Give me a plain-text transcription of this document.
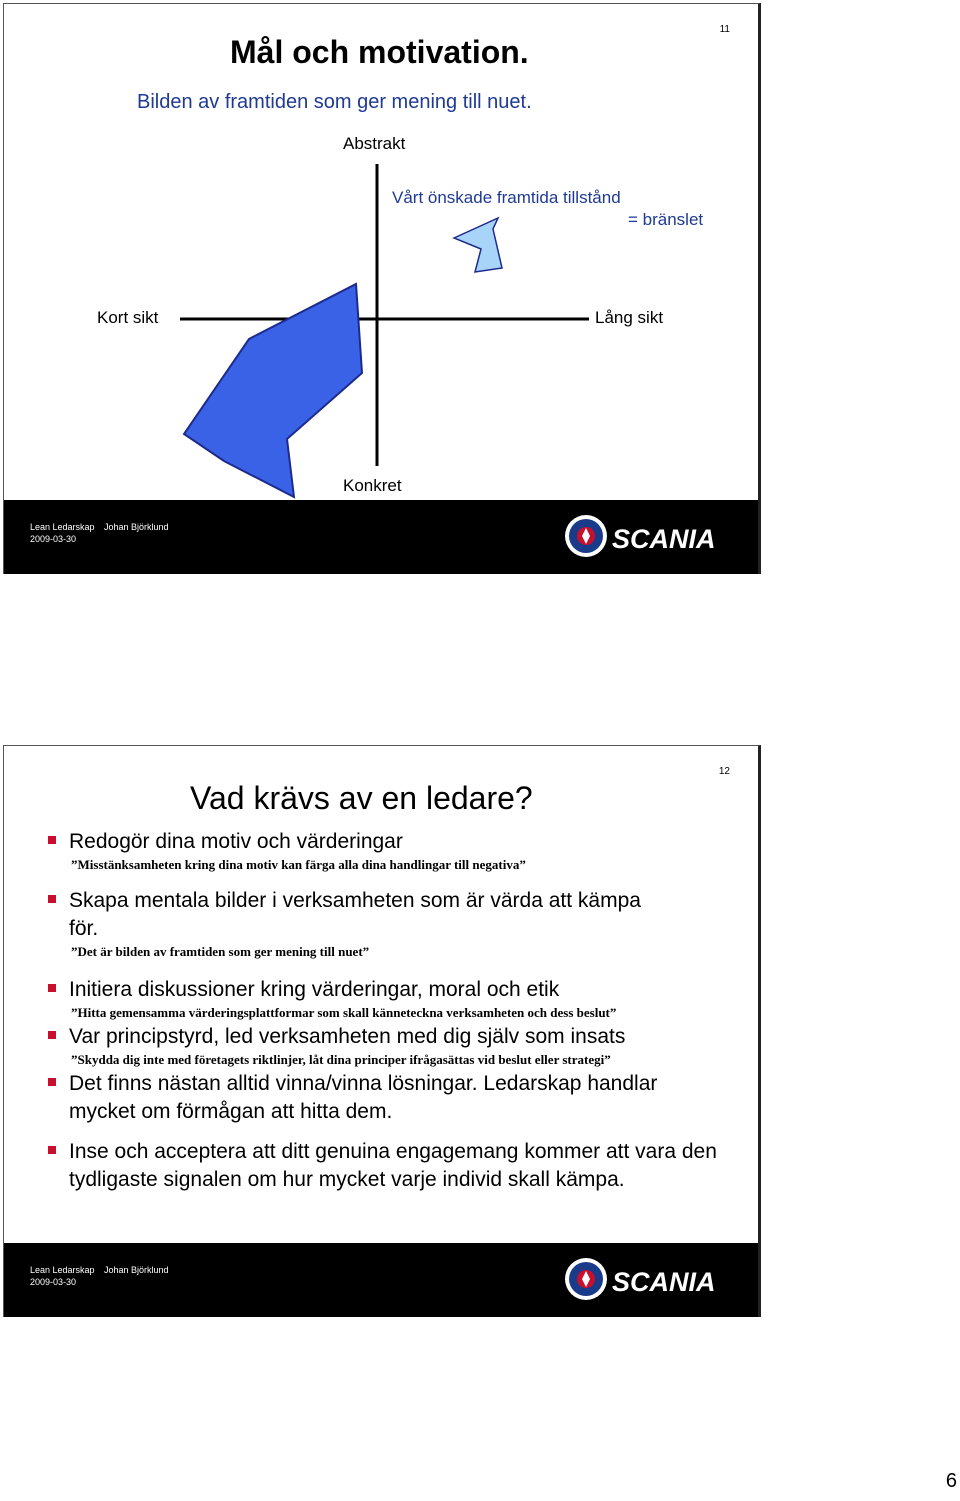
11
Mål och motivation.
Bilden av framtiden som ger mening till nuet.
Abstrakt
Konkret
Kort sikt	Lång sikt
Vårt önskade framtida tillstånd
= bränslet
Lean Ledarskap Johan Björklund
2009-03-30	SCANIA
12
Vad krävs av en ledare?
Redogör dina motiv och värderingar
”Misstänksamheten kring dina motiv kan färga alla dina handlingar till negativa”
Skapa mentala bilder i verksamheten som är värda att kämpa för.
”Det är bilden av framtiden som ger mening till nuet”
Initiera diskussioner kring värderingar, moral och etik
”Hitta gemensamma värderingsplattformar som skall känneteckna verksamheten och dess beslut”
Var principstyrd, led verksamheten med dig själv som insats
”Skydda dig inte med företagets riktlinjer, låt dina principer ifrågasättas vid beslut eller strategi”
Det finns nästan alltid vinna/vinna lösningar. Ledarskap handlar mycket om förmågan att hitta dem.
Inse och acceptera att ditt genuina engagemang kommer att vara den tydligaste signalen om hur mycket varje individ skall kämpa.
Lean Ledarskap Johan Björklund
2009-03-30	SCANIA
6
